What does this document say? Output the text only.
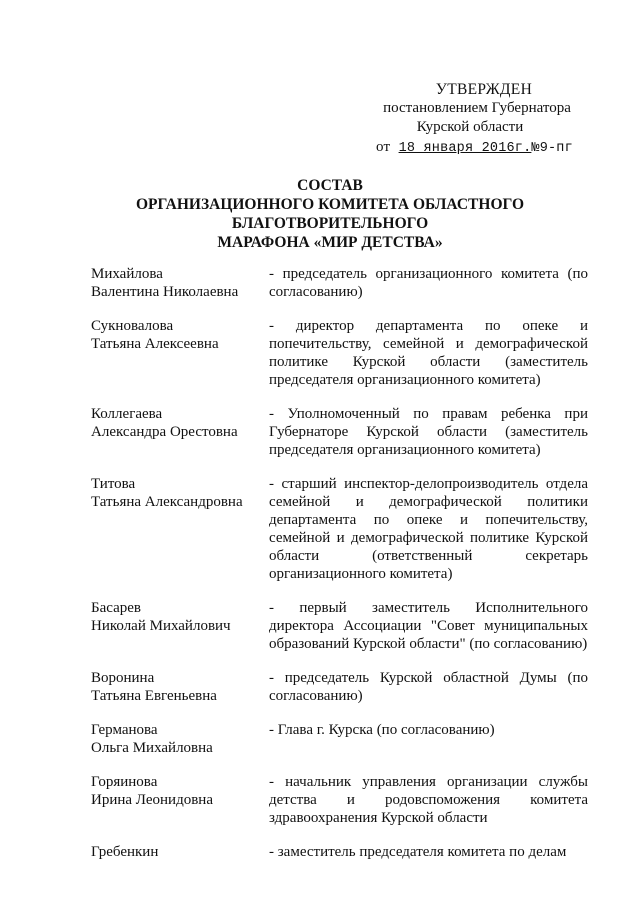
УТВЕРЖДЕН
постановлением Губернатора
Курской области
от 18 января 2016г.№9-пг
СОСТАВ
ОРГАНИЗАЦИОННОГО КОМИТЕТА ОБЛАСТНОГО
БЛАГОТВОРИТЕЛЬНОГО
МАРАФОНА «МИР ДЕТСТВА»
Михайлова
Валентина Николаевна
- председатель организационного комитета (по согласованию)
Сукновалова
Татьяна Алексеевна
- директор департамента по опеке и попечительству, семейной и демографической политике Курской области (заместитель председателя организационного комитета)
Коллегаева
Александра Орестовна
- Уполномоченный по правам ребенка при Губернаторе Курской области (заместитель председателя организационного комитета)
Титова
Татьяна Александровна
- старший инспектор-делопроизводитель отдела семейной и демографической политики департамента по опеке и попечительству, семейной и демографической политике Курской области (ответственный секретарь организационного комитета)
Басарев
Николай Михайлович
- первый заместитель Исполнительного директора Ассоциации "Совет муниципальных образований Курской области" (по согласованию)
Воронина
Татьяна Евгеньевна
- председатель Курской областной Думы (по согласованию)
Германова
Ольга Михайловна
- Глава г. Курска (по согласованию)
Горяинова
Ирина Леонидовна
- начальник управления организации службы детства и родовспоможения комитета здравоохранения Курской области
Гребенкин	- заместитель председателя комитета по делам
